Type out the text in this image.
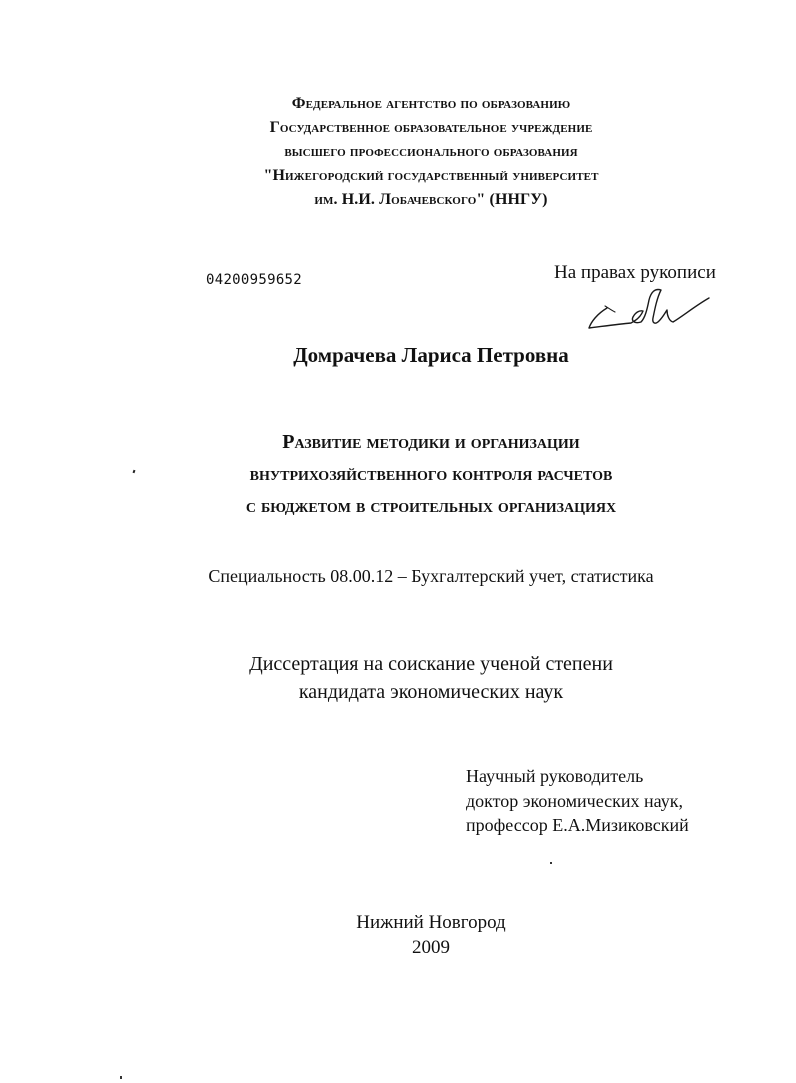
Федеральное агентство по образованию
Государственное образовательное учреждение
высшего профессионального образования
"Нижегородский государственный университет
им. Н.И. Лобачевского" (ННГУ)
04200959652	На правах рукописи
Домрачева Лариса Петровна
Развитие методики и организации
внутрихозяйственного контроля расчетов
с бюджетом в строительных организациях
Специальность 08.00.12 – Бухгалтерский учет, статистика
Диссертация на соискание ученой степени
кандидата экономических наук
Научный руководитель
доктор экономических наук,
профессор Е.А.Мизиковский
Нижний Новгород
2009
